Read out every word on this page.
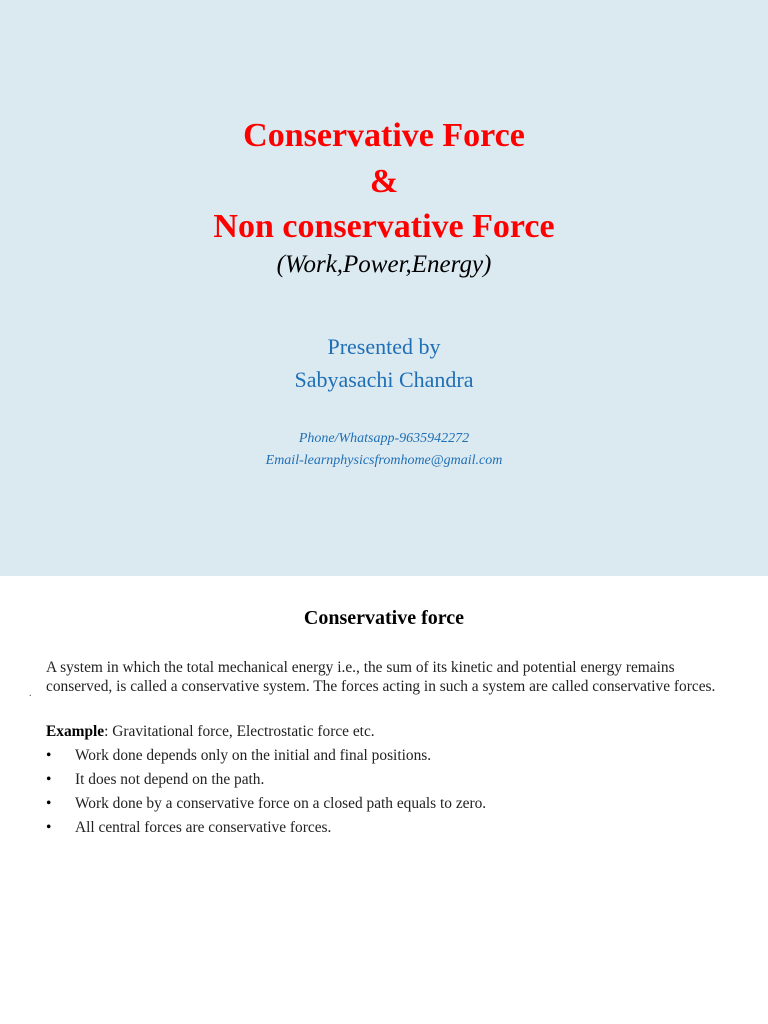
Conservative Force
&
Non conservative Force
(Work,Power,Energy)
Presented by
Sabyasachi Chandra
Phone/Whatsapp-9635942272
Email-learnphysicsfromhome@gmail.com
Conservative force
.
A system in which the total mechanical energy i.e., the sum of its kinetic and potential energy remains conserved, is called a conservative system. The forces acting in such a system are called conservative forces.
Example: Gravitational force, Electrostatic force etc.
• Work done depends only on the initial and final positions.
• It does not depend on the path.
• Work done by a conservative force on a closed path equals to zero.
• All central forces are conservative forces.
